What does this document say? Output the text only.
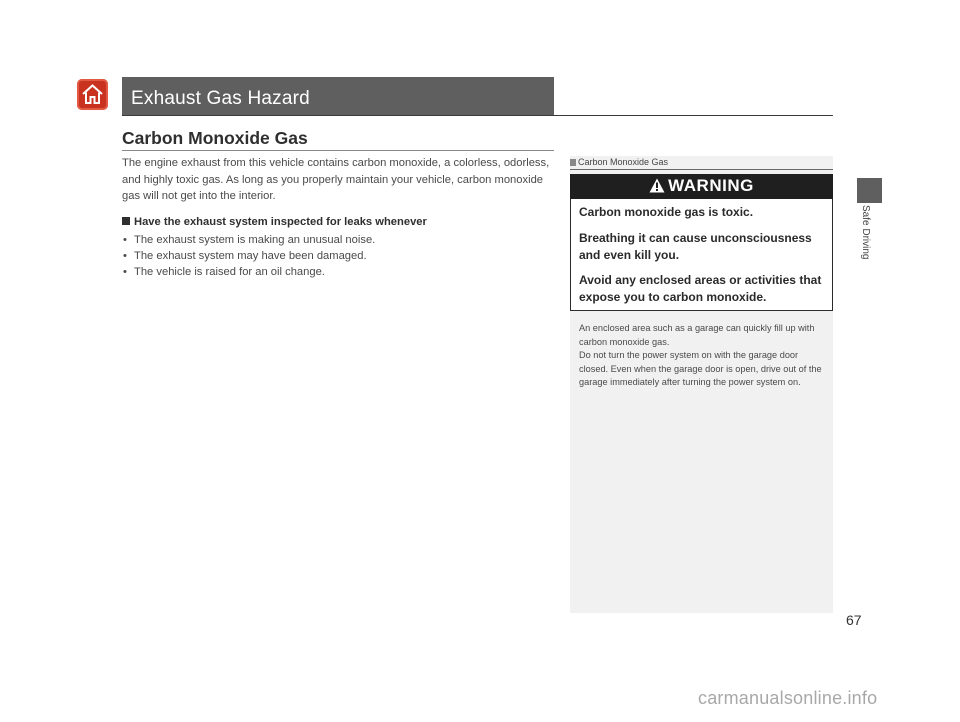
Exhaust Gas Hazard
Carbon Monoxide Gas
The engine exhaust from this vehicle contains carbon monoxide, a colorless, odorless, and highly toxic gas. As long as you properly maintain your vehicle, carbon monoxide gas will not get into the interior.
Have the exhaust system inspected for leaks whenever
• The exhaust system is making an unusual noise.
• The exhaust system may have been damaged.
• The vehicle is raised for an oil change.
Carbon Monoxide Gas
WARNING
Carbon monoxide gas is toxic.
Breathing it can cause unconsciousness and even kill you.
Avoid any enclosed areas or activities that expose you to carbon monoxide.
An enclosed area such as a garage can quickly fill up with carbon monoxide gas.
Do not turn the power system on with the garage door closed. Even when the garage door is open, drive out of the garage immediately after turning the power system on.
Safe Driving
67
carmanualsonline.info
